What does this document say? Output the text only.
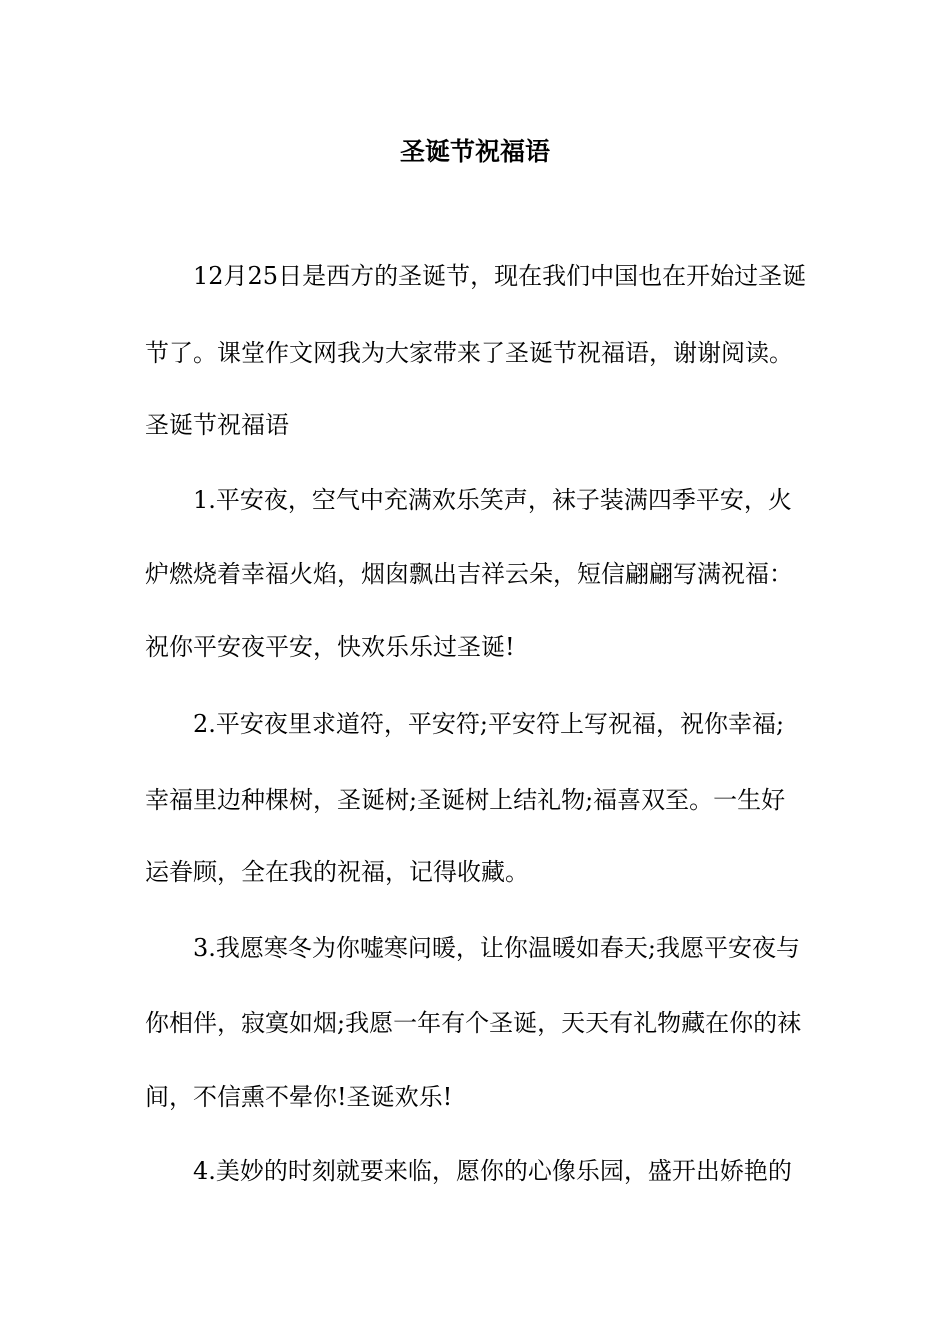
圣诞节祝福语

12月25日是西方的圣诞节，现在我们中国也在开始过圣诞

节了。课堂作文网我为大家带来了圣诞节祝福语，谢谢阅读。

圣诞节祝福语

1.平安夜，空气中充满欢乐笑声，袜子装满四季平安，火

炉燃烧着幸福火焰，烟囱飘出吉祥云朵，短信翩翩写满祝福：

祝你平安夜平安，快欢乐乐过圣诞!

2.平安夜里求道符，平安符;平安符上写祝福，祝你幸福;

幸福里边种棵树，圣诞树;圣诞树上结礼物;福喜双至。一生好

运眷顾，全在我的祝福，记得收藏。

3.我愿寒冬为你嘘寒问暖，让你温暖如春天;我愿平安夜与

你相伴，寂寞如烟;我愿一年有个圣诞，天天有礼物藏在你的袜

间，不信熏不晕你!圣诞欢乐!

4.美妙的时刻就要来临，愿你的心像乐园，盛开出娇艳的
